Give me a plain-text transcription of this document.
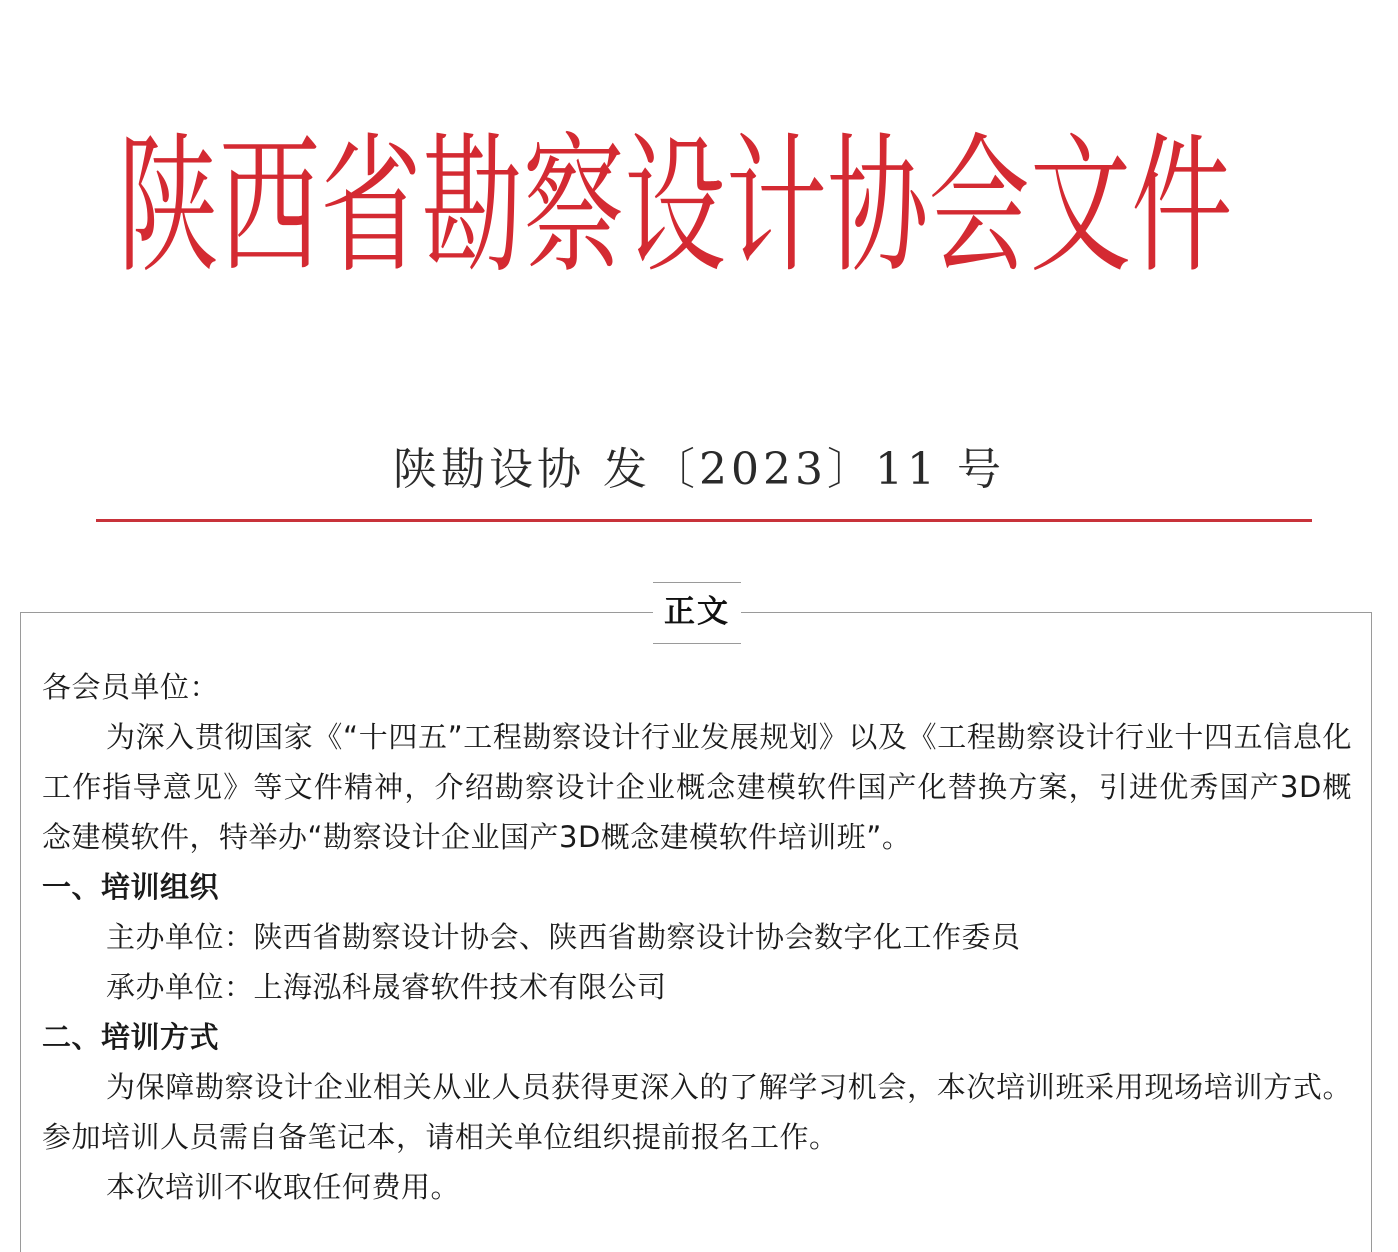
陕西省勘察设计协会文件
陕勘设协 发〔2023〕11 号
正文

各会员单位：

为深入贯彻国家《“十四五”工程勘察设计行业发展规划》以及《工程勘察设计行业十四五信息化工作指导意见》等文件精神，介绍勘察设计企业概念建模软件国产化替换方案，引进优秀国产3D概念建模软件，特举办“勘察设计企业国产3D概念建模软件培训班”。

一、培训组织

主办单位：陕西省勘察设计协会、陕西省勘察设计协会数字化工作委员

承办单位：上海泓科晟睿软件技术有限公司

二、培训方式

为保障勘察设计企业相关从业人员获得更深入的了解学习机会，本次培训班采用现场培训方式。参加培训人员需自备笔记本，请相关单位组织提前报名工作。

本次培训不收取任何费用。
